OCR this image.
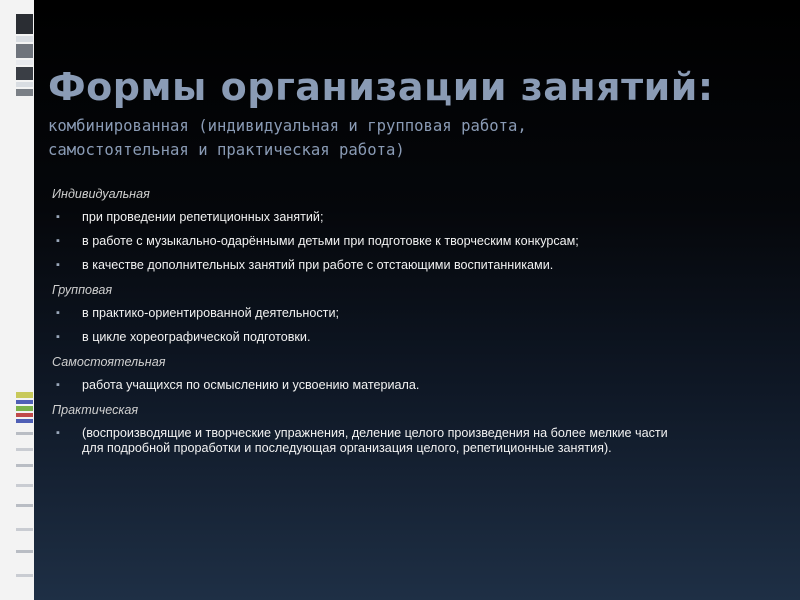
Формы организации занятий:

комбинированная (индивидуальная и групповая работа,
самостоятельная и практическая работа)

Индивидуальная

▪ при проведении репетиционных занятий;
▪ в работе с музыкально-одарёнными детьми при подготовке к творческим конкурсам;
▪ в качестве дополнительных занятий при работе с отстающими воспитанниками.

Групповая

▪ в практико-ориентированной деятельности;
▪ в цикле хореографической подготовки.

Самостоятельная

▪ работа учащихся по осмыслению и усвоению материала.

Практическая

▪ (воспроизводящие и творческие упражнения, деление целого произведения на более мелкие части для подробной проработки и последующая организация целого, репетиционные занятия).
